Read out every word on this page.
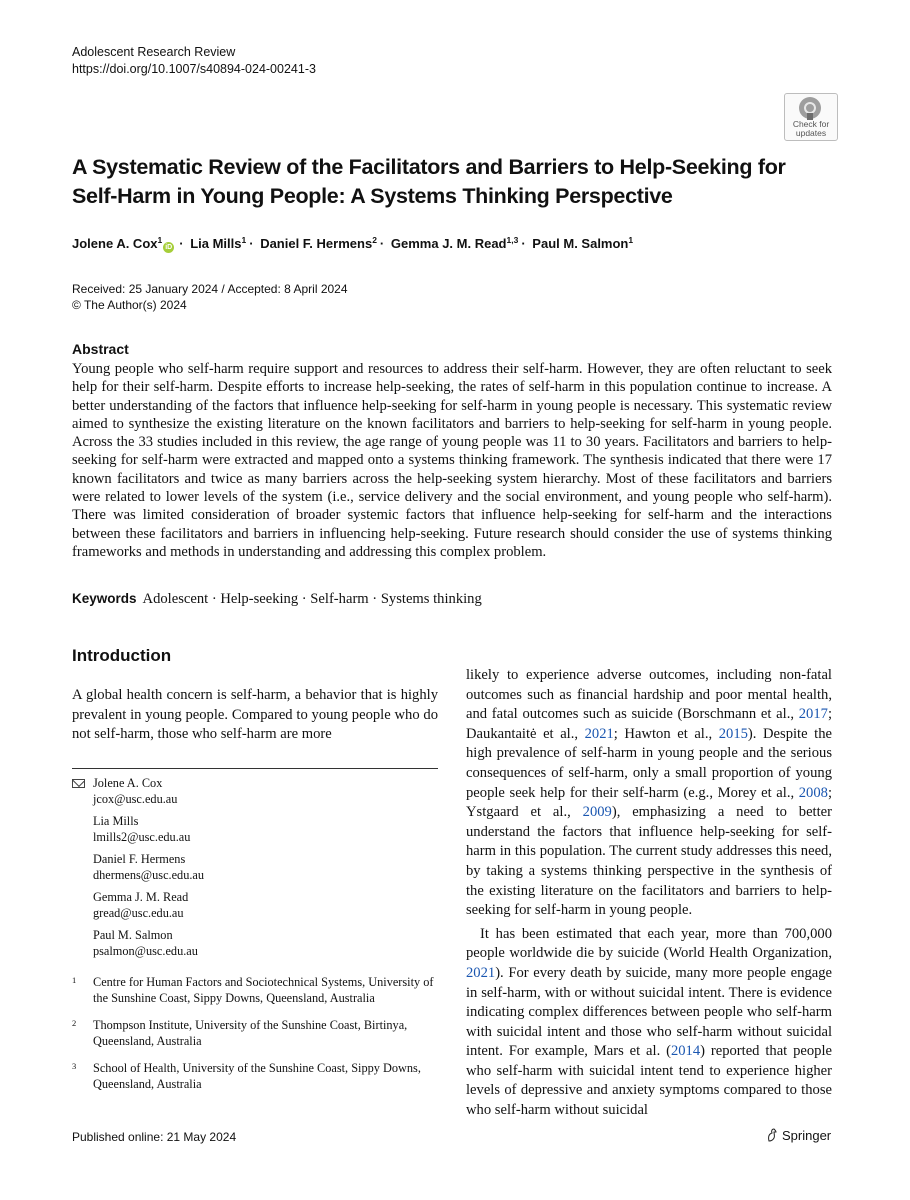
Adolescent Research Review
https://doi.org/10.1007/s40894-024-00241-3
Check for updates
A Systematic Review of the Facilitators and Barriers to Help-Seeking for Self-Harm in Young People: A Systems Thinking Perspective
Jolene A. Cox$^1$iD · Lia Mills$^1$ · Daniel F. Hermens$^2$ · Gemma J. M. Read$^{1,3}$ · Paul M. Salmon$^1$
Received: 25 January 2024 / Accepted: 8 April 2024
© The Author(s) 2024
Abstract
Young people who self-harm require support and resources to address their self-harm. However, they are often reluctant to seek help for their self-harm. Despite efforts to increase help-seeking, the rates of self-harm in this population continue to increase. A better understanding of the factors that influence help-seeking for self-harm in young people is necessary. This systematic review aimed to synthesize the existing literature on the known facilitators and barriers to help-seeking for self-harm in young people. Across the 33 studies included in this review, the age range of young people was 11 to 30 years. Facilitators and barriers to help-seeking for self-harm were extracted and mapped onto a systems thinking framework. The synthesis indicated that there were 17 known facilitators and twice as many barriers across the help-seeking system hierarchy. Most of these facilitators and barriers were related to lower levels of the system (i.e., service delivery and the social environment, and young people who self-harm). There was limited consideration of broader systemic factors that influence help-seeking for self-harm and the interactions between these facilitators and barriers in influencing help-seeking. Future research should consider the use of systems thinking frameworks and methods in understanding and addressing this complex problem.
Keywords Adolescent · Help-seeking · Self-harm · Systems thinking
Introduction
A global health concern is self-harm, a behavior that is highly prevalent in young people. Compared to young people who do not self-harm, those who self-harm are more
Jolene A. Cox
jcox@usc.edu.au
Lia Mills
lmills2@usc.edu.au
Daniel F. Hermens
dhermens@usc.edu.au
Gemma J. M. Read
gread@usc.edu.au
Paul M. Salmon
psalmon@usc.edu.au
1 Centre for Human Factors and Sociotechnical Systems, University of the Sunshine Coast, Sippy Downs, Queensland, Australia
2 Thompson Institute, University of the Sunshine Coast, Birtinya, Queensland, Australia
3 School of Health, University of the Sunshine Coast, Sippy Downs, Queensland, Australia

likely to experience adverse outcomes, including non-fatal outcomes such as financial hardship and poor mental health, and fatal outcomes such as suicide (Borschmann et al., 2017; Daukantaitė et al., 2021; Hawton et al., 2015). Despite the high prevalence of self-harm in young people and the serious consequences of self-harm, only a small proportion of young people seek help for their self-harm (e.g., Morey et al., 2008; Ystgaard et al., 2009), emphasizing a need to better understand the factors that influence help-seeking for self-harm in this population. The current study addresses this need, by taking a systems thinking perspective in the synthesis of the existing literature on the facilitators and barriers to help-seeking for self-harm in young people.

It has been estimated that each year, more than 700,000 people worldwide die by suicide (World Health Organization, 2021). For every death by suicide, many more people engage in self-harm, with or without suicidal intent. There is evidence indicating complex differences between people who self-harm with suicidal intent and those who self-harm without suicidal intent. For example, Mars et al. (2014) reported that people who self-harm with suicidal intent tend to experience higher levels of depressive and anxiety symptoms compared to those who self-harm without suicidal

Published online: 21 May 2024	Springer
